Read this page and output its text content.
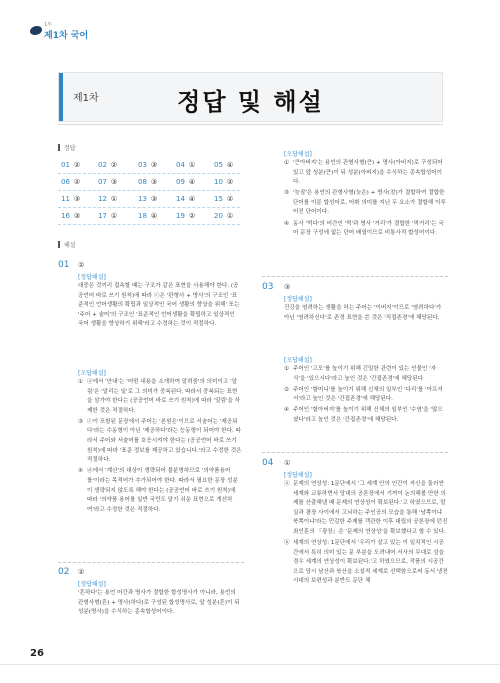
1부
제1차 국어
제1차	정답 및 해설
정답
01 ②	02 ②	03 ③	04 ①	05 ④
06 ②	07 ③	08 ③	09 ④	10 ②
11 ③	12 ①	13 ③	14 ④	15 ②
16 ③	17 ①	18 ④	19 ②	20 ①
해설
01 ②
[정답해설]

대중은 것끼리 접속할 때는 구조가 같은 표현을 사용해야 한다. (공공언어 바로 쓰기 원칙)에 따라 ⓒ은 '판형사 + 명사'의 구조인 '표준적인 언어생활의 확립과 일상적인 국어 생활의 향상을 위해' 또는 '주어 + 술어'의 구조인 '표준적인 언어생활을 확립하고 일상적인 국어 생활을 향상하기 위해'라고 수정하는 것이 적절하다.

[오답해설]
① ⓐ에서 '안내'는 '어떤 내용을 소개하여 알려줌'의 의미이고 '알림'은 '알리는 일'로 그 의미가 중복된다. 따라서 중복되는 표현을 삼가야 한다는 (공공언어 바로 쓰기 원칙)에 따라 '알림'을 삭제한 것은 적절하다.
③ ⓒ이 포함된 문장에서 주어는 '본원은'이므로 서술어는 '제공되다'라는 수동형이 아닌 '제공하다'라는 능동형이 되어야 한다. 따라서 주어와 서술어를 호응시켜야 한다는 (공공언어 바로 쓰기 원칙)에 따라 '표준 정보를 제공하고 있습니다.'라고 수정한 것은 적절하다.
④ ⓓ에서 '계산'의 대상이 생략되어 불분명하므로 '의약품용어를'이라는 목적어가 추가되어야 한다. 따라서 필요한 문장 성분이 생략되지 않도록 해야 한다는 (공공언어 바로 쓰기 원칙)에 따라 '의약품 용어를 일반 국민도 알기 쉬운 표현으로 개선하여'라고 수정한 것은 적절하다.
02 ②
[정답해설]

'흔하다'는 용언 어간과 명사가 결합한 합성명사가 아니라, 용언의 관형사형(흔) + 명사(하다)로 구성된 합성명사로, 앞 성분(흔)이 뒤 성분(명사)을 수식하는 종속합성어이다.

[오답해설]
① '큰아버지'는 용언의 관형사형(큰) + 명사(아버지)로 구성되어 있고 앞 성분(큰)이 뒤 성분(아버지)을 수식하는 종속합성어이다.
③ '늦잠'은 용언의 관형사형(늦은) + 명사(잠)가 결합하여 결합한 단어를 이룬 합성어로, 어휘 의미를 지닌 두 요소가 결합해 이루어진 단어이다.
④ 동사 '먹다'의 어간인 '먹'과 명사 '거리'가 결합한 '먹거리'는 국어 문장 구성에 없는 단어 배열이므로 비통사적 합성어이다.
03 ③
[정답해설]

건강을 염려하는 생활을 하는 주어는 '이버지'이므로 '염려하다'가 아닌 '염려하신다'로 존경 표현을 쓴 것은 '직접존경'에 해당된다.

[오답해설]
① 주어인 '고모'를 높이기 위해 긴밀한 관련이 있는 인물인 '자식'을 '있으시다'라고 높인 것은 '간접존경'에 해당된다.
② 주어인 '할머니'를 높이기 위해 신체의 일부인 '다리'를 '아프셔서'라고 높인 것은 '간접존경'에 해당된다.
④ 주어인 '할아버지'를 높이기 위해 신체의 일부인 '수염'을 '많으셨다'라고 높인 것은 '간접존경'에 해당된다.
04 ①
[정답해설]
ⓐ 문제의 연상성: 1문단에서 '그 세계 안의 인간이 자신을 둘러싼 세계와 교류하면서 당대의 공론장에서 기꺼이 논의해볼 만한 의제를 산출해낼 때 문제의 연상성이 확보된다.'고 하였으므로, 말실과 광장 사이에서 고뇌하는 주인공의 모습을 통해 '남쪽이냐 북쪽이냐'라는 민감한 주제를 객관한 이후 대립의 공론장에 던진 최인훈의 『광장』은 '문제의 연상성'을 확보했다고 할 수 있다.
ⓑ 세계의 연상성: 1문단에서 '우리가 살고 있는 이 일치적인 시공간에서 특히 의미 있는 문 부분을 도려내어 서사의 무대로 삼을 경우 세계의 연상성이 확보된다.'고 하였으므로, 작품의 시공간으로 당시 남산과 북산을 소설적 세계로 선택함으로써 동서 냉전 시대의 보편성과 분반도 문단 체
26
